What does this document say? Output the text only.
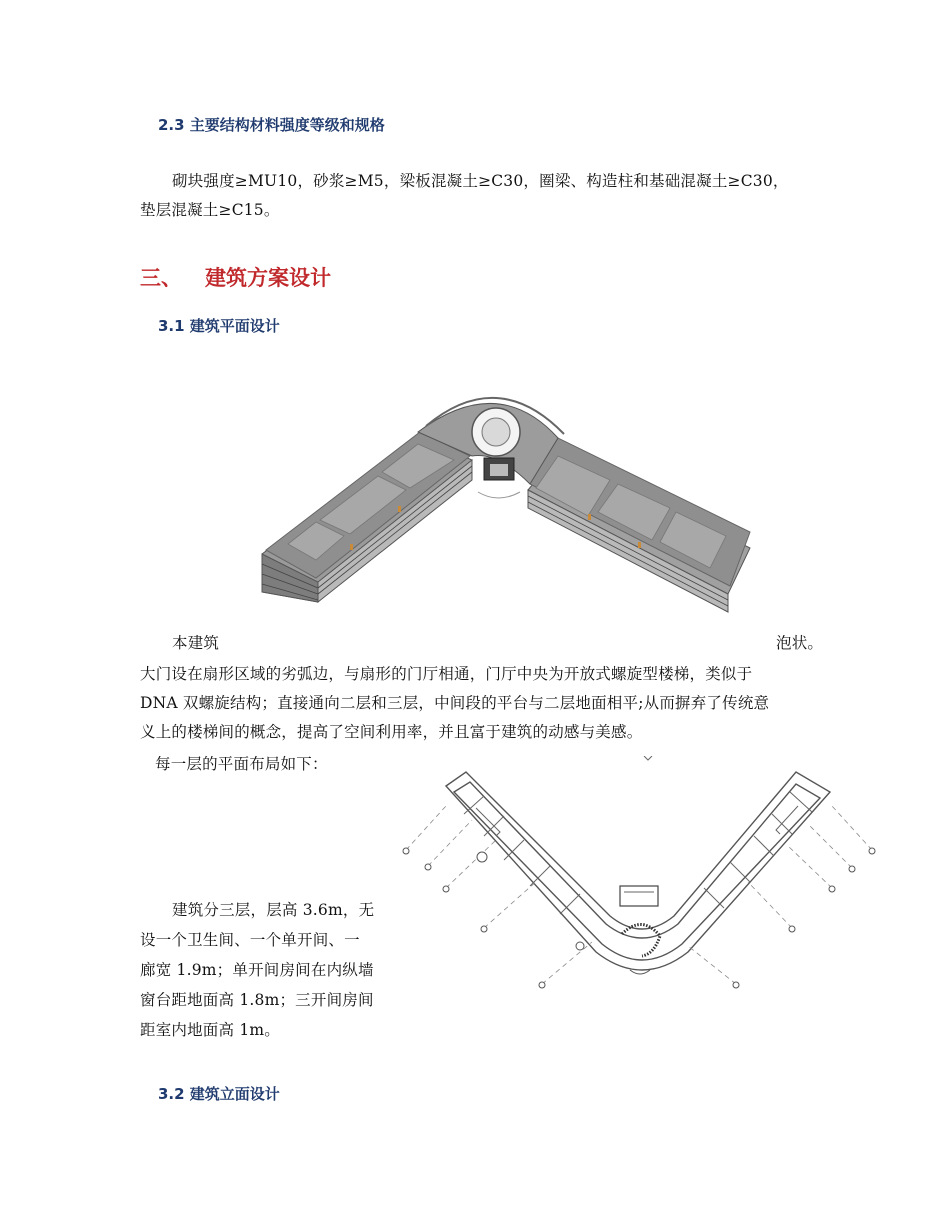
2.3 主要结构材料强度等级和规格
砌块强度≥MU10，砂浆≥M5，梁板混凝土≥C30，圈梁、构造柱和基础混凝土≥C30，
垫层混凝土≥C15。
三、 建筑方案设计
3.1 建筑平面设计
本建筑	泡状。
大门设在扇形区域的劣弧边，与扇形的门厅相通，门厅中央为开放式螺旋型楼梯，类似于
DNA 双螺旋结构；直接通向二层和三层，中间段的平台与二层地面相平;从而摒弃了传统意
义上的楼梯间的概念，提高了空间利用率，并且富于建筑的动感与美感。
每一层的平面布局如下：
建筑分三层，层高 3.6m，无
设一个卫生间、一个单开间、一
廊宽 1.9m；单开间房间在内纵墙
窗台距地面高 1.8m；三开间房间
距室内地面高 1m。
3.2 建筑立面设计
